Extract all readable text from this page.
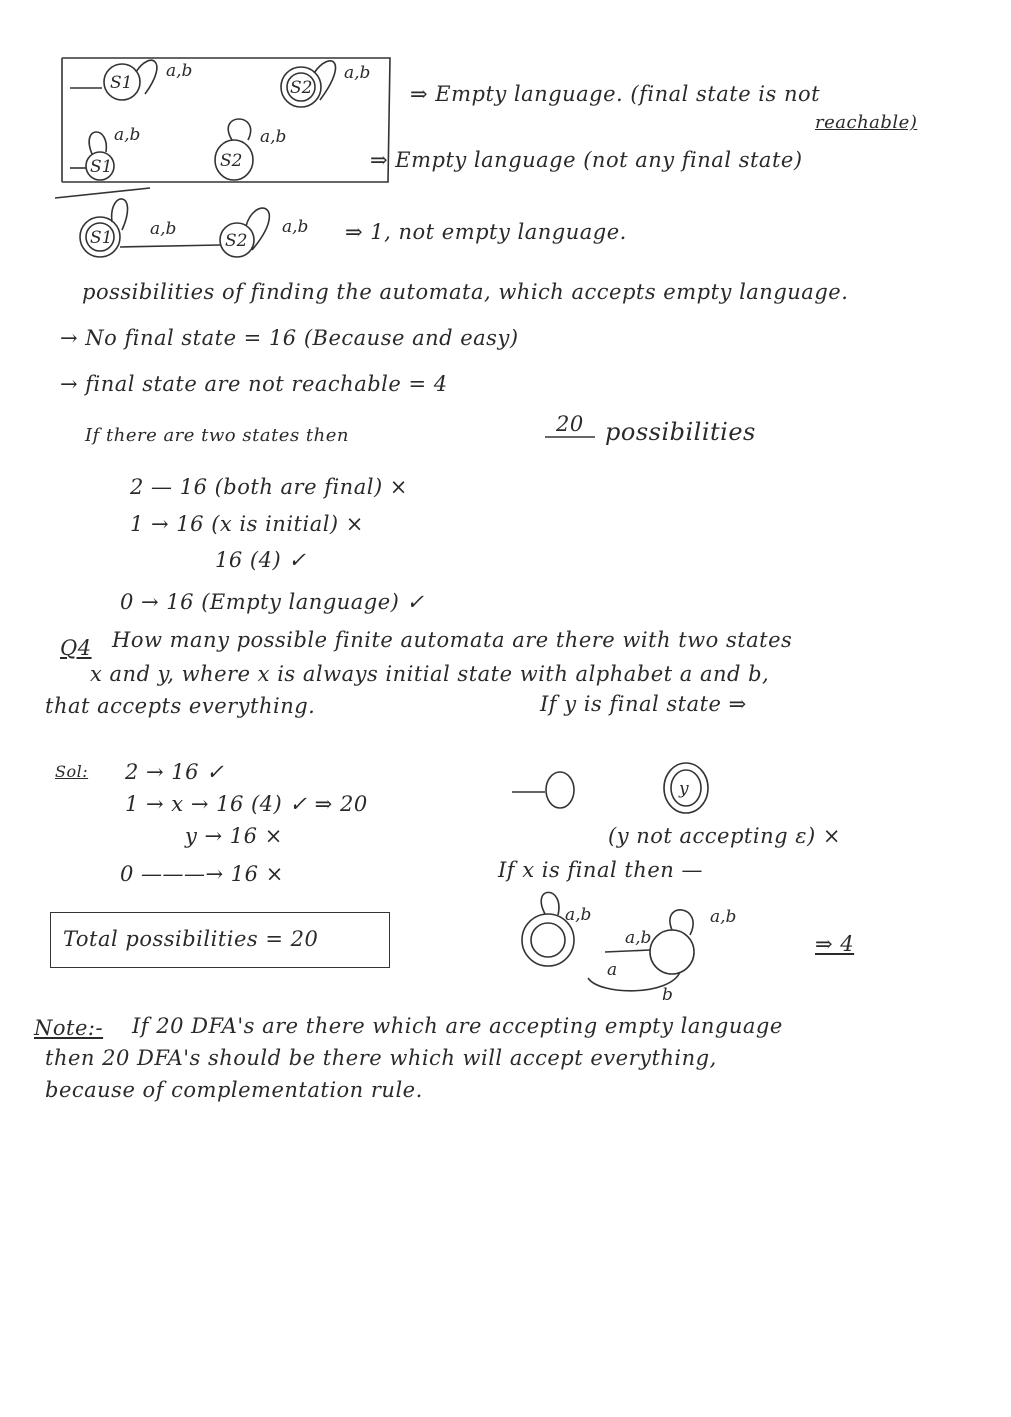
S1
a,b
S2
a,b
S1
a,b
S2
a,b
S1 a,b
S2
a,b
y
a,b
a,b
a,b
a
b
⇒ Empty language. (final state is not
reachable)
⇒ Empty language (not any final state)
⇒ 1, not empty language.
possibilities of finding the automata, which accepts empty language.
→ No final state = 16 (Because and easy)
→ final state are not reachable = 4
20 possibilities
If there are two states then
2 — 16 (both are final) ×
1 → 16 (x is initial) ×
16 (4) ✓
0 → 16 (Empty language) ✓
Q4 How many possible finite automata are there with two states
x and y, where x is always initial state with alphabet a and b,
that accepts everything.	If y is final state ⇒
Sol: 2 → 16 ✓
1 → x → 16 (4) ✓ ⇒ 20
y → 16 ×	(y not accepting ε) ×
0 ———→ 16 ×	If x is final then —
⇒ 4
Total possibilities = 20
Note:- If 20 DFA's are there which are accepting empty language
then 20 DFA's should be there which will accept everything,
because of complementation rule.
